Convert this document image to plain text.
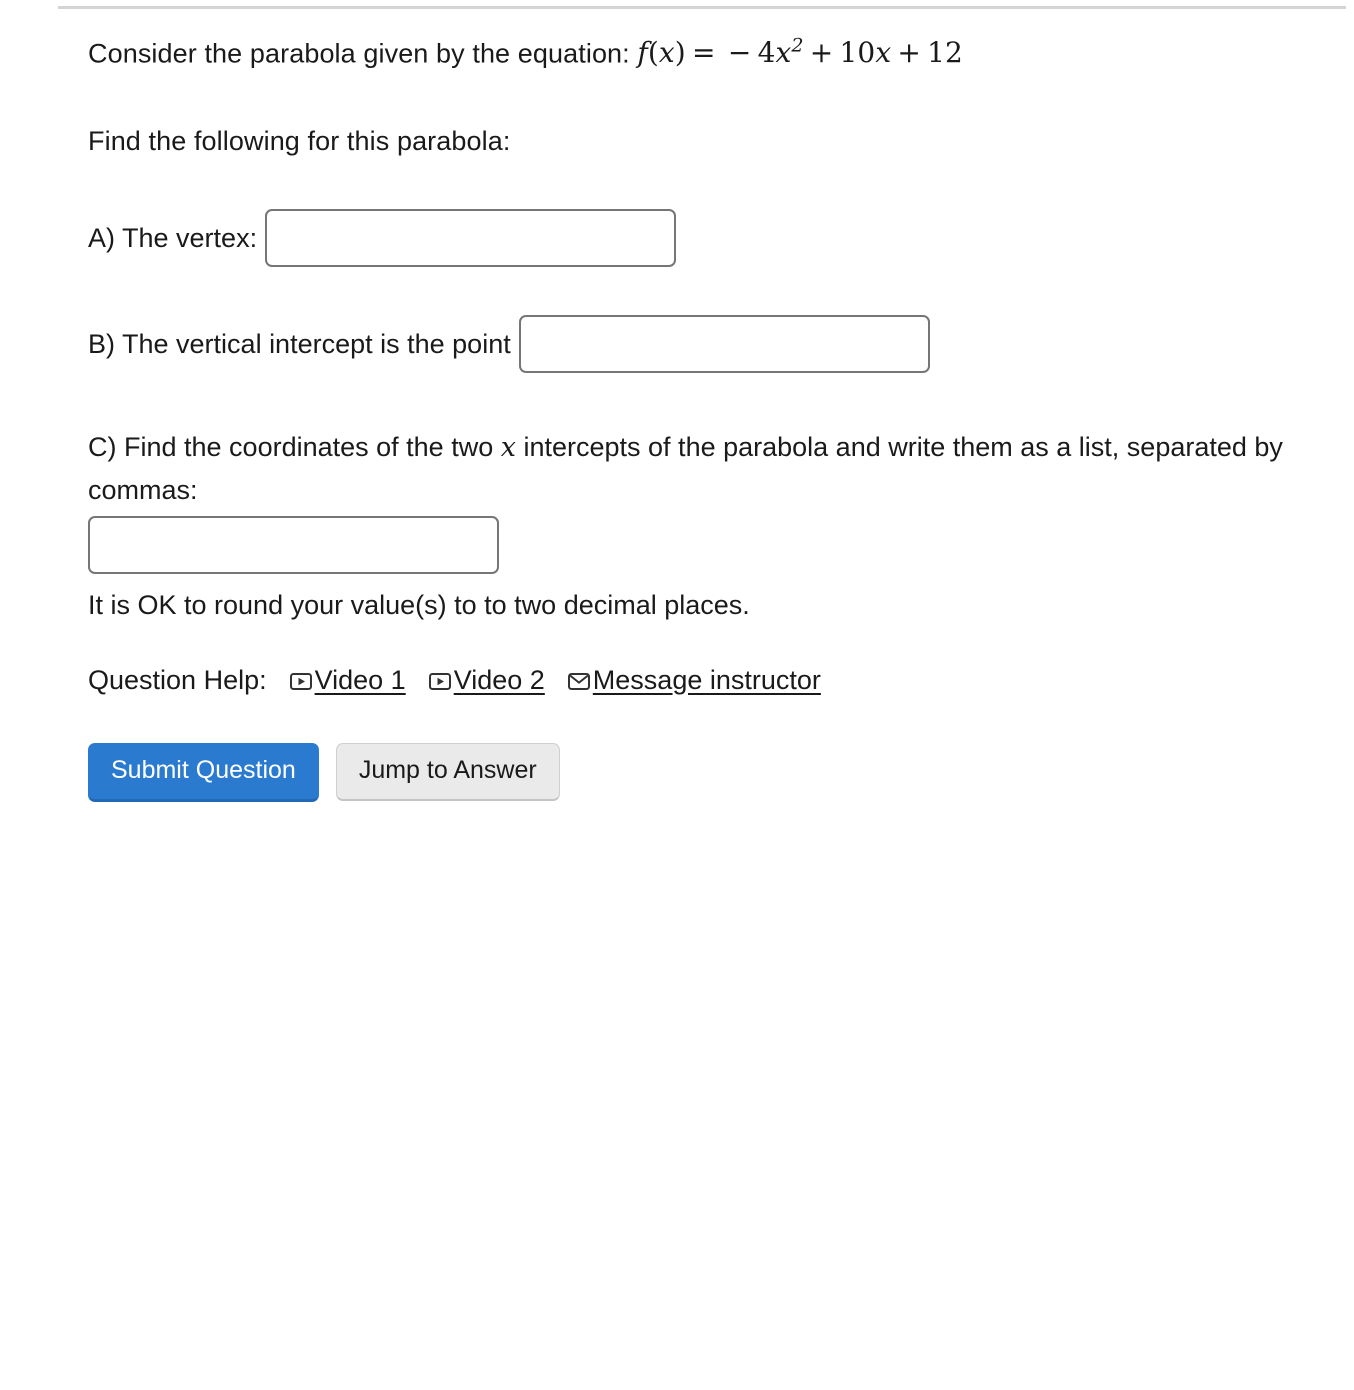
Consider the parabola given by the equation: f(x) = − $4x^2 + 10x + 12$
Find the following for this parabola:
A) The vertex:
B) The vertical intercept is the point
C) Find the coordinates of the two x intercepts of the parabola and write them as a list, separated by commas:
It is OK to round your value(s) to to two decimal places.
Question Help: Video 1 Video 2 Message instructor
Submit Question	Jump to Answer
